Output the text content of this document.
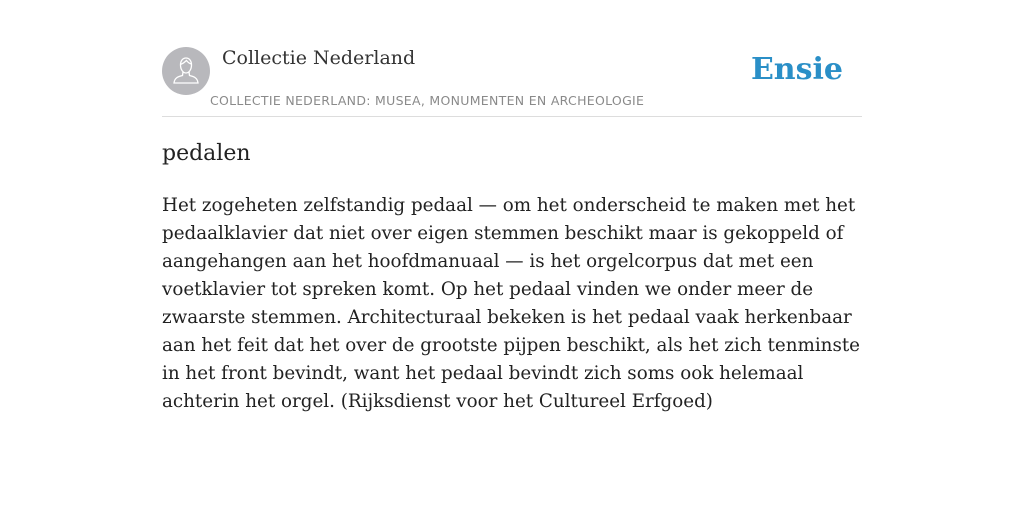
Collectie Nederland
COLLECTIE NEDERLAND: MUSEA, MONUMENTEN EN ARCHEOLOGIE
Ensie
pedalen

Het zogeheten zelfstandig pedaal — om het onderscheid te maken met het pedaalklavier dat niet over eigen stemmen beschikt maar is gekoppeld of aangehangen aan het hoofdmanuaal — is het orgelcorpus dat met een voetklavier tot spreken komt. Op het pedaal vinden we onder meer de zwaarste stemmen. Architecturaal bekeken is het pedaal vaak herkenbaar aan het feit dat het over de grootste pijpen beschikt, als het zich tenminste in het front bevindt, want het pedaal bevindt zich soms ook helemaal achterin het orgel. (Rijksdienst voor het Cultureel Erfgoed)
